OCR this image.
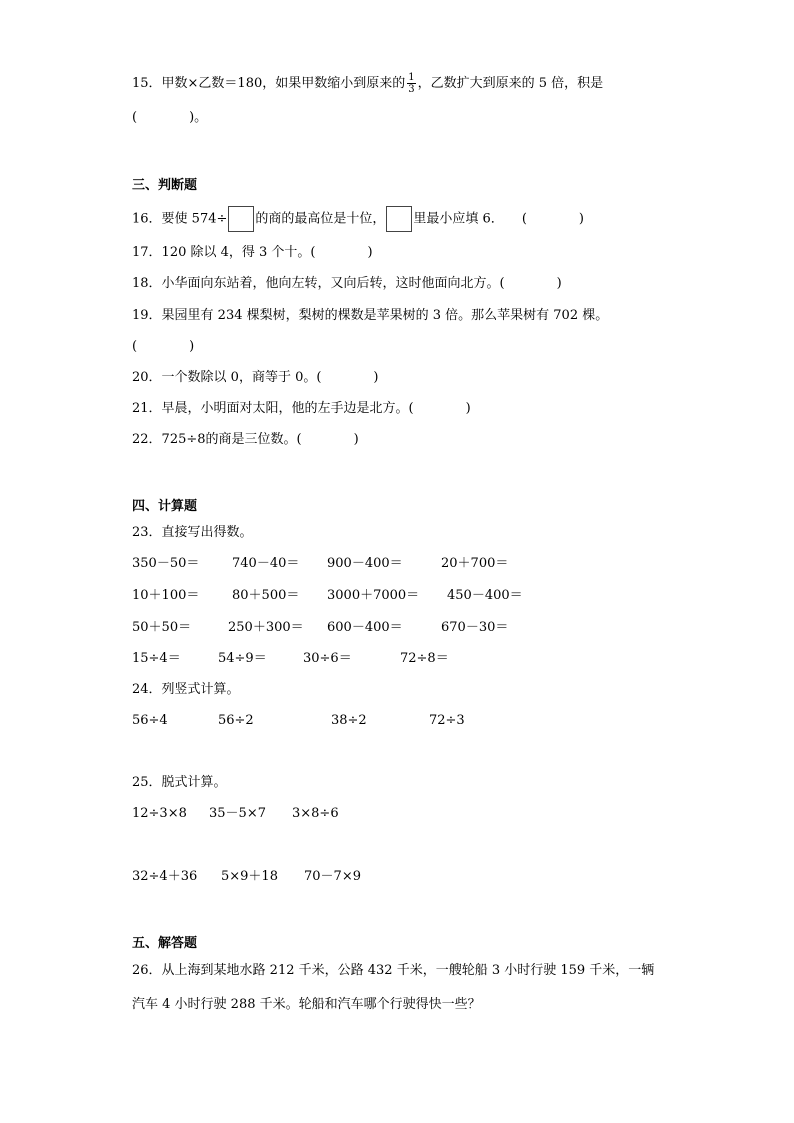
15．甲数×乙数＝180，如果甲数缩小到原来的 $\frac{1}{3}$ ，乙数扩大到原来的 5 倍，积是
(　　　　)。
三、判断题
16．要使 574÷ 的商的最高位是十位， 里最小应填 6． (　　　　)
17．120 除以 4，得 3 个十。(　　　　)
18．小华面向东站着，他向左转，又向后转，这时他面向北方。(　　　　)
19．果园里有 234 棵梨树，梨树的棵数是苹果树的 3 倍。那么苹果树有 702 棵。
(　　　　)
20．一个数除以 0，商等于 0。(　　　　)
21．早晨，小明面对太阳，他的左手边是北方。(　　　　)
22．725÷8的商是三位数。(　　　　)
四、计算题
23．直接写出得数。
350－50＝	740－40＝ 900－400＝	20＋700＝
10＋100＝	80＋500＝ 3000＋7000＝ 450－400＝
50＋50＝	250＋300＝ 600－400＝	670－30＝
15÷4＝	54÷9＝	30÷6＝	72÷8＝
24．列竖式计算。
56÷4	56÷2	38÷2	72÷3
25．脱式计算。
12÷3×8 35－5×7 3×8÷6
32÷4＋36 5×9＋18 70－7×9
五、解答题
26．从上海到某地水路 212 千米，公路 432 千米，一艘轮船 3 小时行驶 159 千米，一辆
汽车 4 小时行驶 288 千米。轮船和汽车哪个行驶得快一些？
